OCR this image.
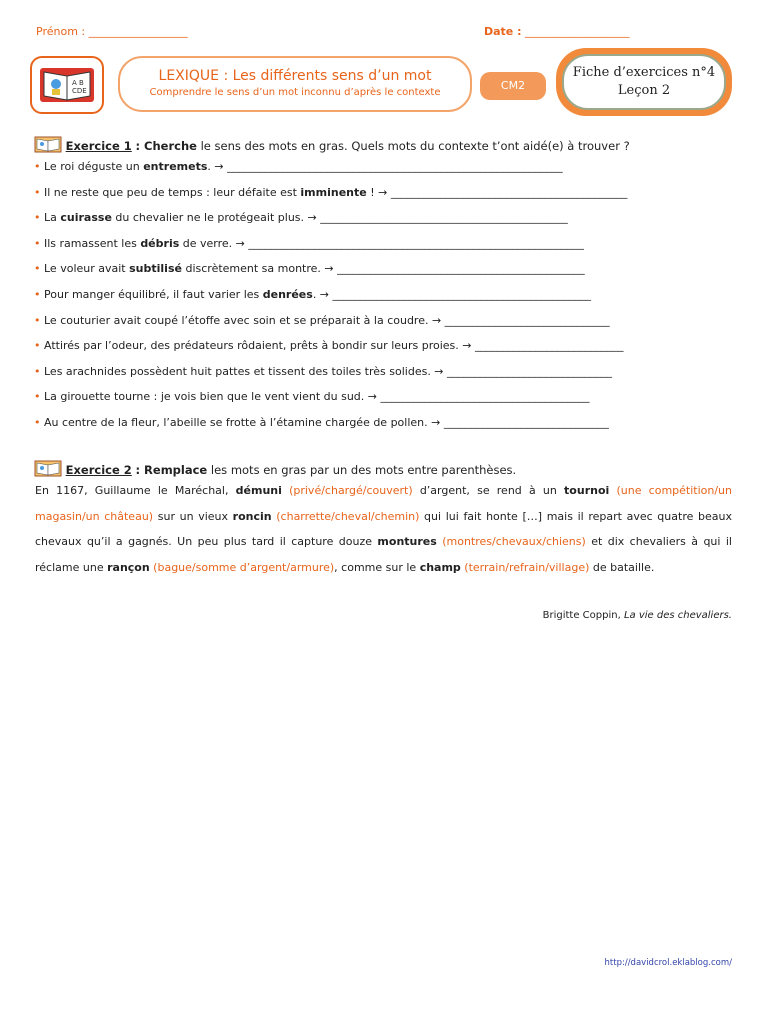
Prénom : __________________	Date : ___________________
A B
CDE
LEXIQUE : Les différents sens d’un mot
Comprendre le sens d’un mot inconnu d’après le contexte
CM2
Fiche d’exercices n°4
Leçon 2
Exercice 1 : Cherche le sens des mots en gras. Quels mots du contexte t’ont aidé(e) à trouver ?
• Le roi déguste un entremets. → _____________________________________________________________
• Il ne reste que peu de temps : leur défaite est imminente ! → ___________________________________________
• La cuirasse du chevalier ne le protégeait plus. → _____________________________________________
• Ils ramassent les débris de verre. → _____________________________________________________________
• Le voleur avait subtilisé discrètement sa montre. → _____________________________________________
• Pour manger équilibré, il faut varier les denrées. → _______________________________________________
• Le couturier avait coupé l’étoffe avec soin et se préparait à la coudre. → ______________________________
• Attirés par l’odeur, des prédateurs rôdaient, prêts à bondir sur leurs proies. → ___________________________
• Les arachnides possèdent huit pattes et tissent des toiles très solides. → ______________________________
• La girouette tourne : je vois bien que le vent vient du sud. → ______________________________________
• Au centre de la fleur, l’abeille se frotte à l’étamine chargée de pollen. → ______________________________
Exercice 2 : Remplace les mots en gras par un des mots entre parenthèses.
En 1167, Guillaume le Maréchal, démuni (privé/chargé/couvert) d’argent, se rend à un tournoi (une compétition/un magasin/un château) sur un vieux roncin (charrette/cheval/chemin) qui lui fait honte […] mais il repart avec quatre beaux chevaux qu’il a gagnés. Un peu plus tard il capture douze montures (montres/chevaux/chiens) et dix chevaliers à qui il réclame une rançon (bague/somme d’argent/armure), comme sur le champ (terrain/refrain/village) de bataille.
Brigitte Coppin, La vie des chevaliers.
http://davidcrol.eklablog.com/
